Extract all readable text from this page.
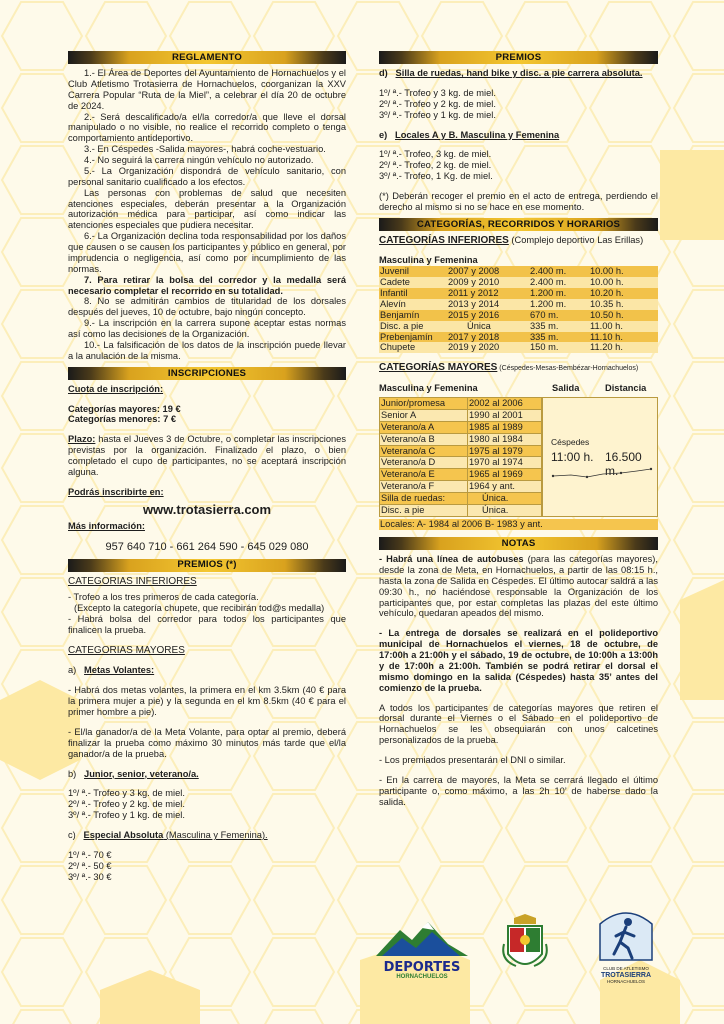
REGLAMENTO

1.- El Área de Deportes del Ayuntamiento de Hornachuelos y el Club Atletismo Trotasierra de Hornachuelos, coorganizan la XXV Carrera Popular “Ruta de la Miel”, a celebrar el día 20 de octubre de 2024.

2.- Será descalificado/a el/la corredor/a que lleve el dorsal manipulado o no visible, no realice el recorrido completo o tenga comportamiento antideportivo.

3.- En Céspedes -Salida mayores-, habrá coche-vestuario.

4.- No seguirá la carrera ningún vehículo no autorizado.

5.- La Organización dispondrá de vehículo sanitario, con personal sanitario cualificado a los efectos.

Las personas con problemas de salud que necesiten atenciones especiales, deberán presentar a la Organización autorización médica para participar, así como indicar las atenciones especiales que pudiera necesitar.

6.- La Organización declina toda responsabilidad por los daños que causen o se causen los participantes y público en general, por imprudencia o negligencia, así como por incumplimiento de las normas.

7. Para retirar la bolsa del corredor y la medalla será necesario completar el recorrido en su totalidad.

8. No se admitirán cambios de titularidad de los dorsales después del jueves, 10 de octubre, bajo ningún concepto.

9.- La inscripción en la carrera supone aceptar estas normas así como las decisiones de la Organización.

10.- La falsificación de los datos de la inscripción puede llevar a la anulación de la misma.

INSCRIPCIONES

Cuota de inscripción:

Categorías mayores: 19 €

Categorías menores: 7 €

Plazo: hasta el Jueves 3 de Octubre, o completar las inscripciones previstas por la organización. Finalizado el plazo, o bien completado el cupo de participantes, no se aceptará inscripción alguna.

Podrás inscribirte en:

www.trotasierra.com

Más información:

957 640 710 - 661 264 590 - 645 029 080

PREMIOS (*)

CATEGORIAS INFERIORES

- Trofeo a los tres primeros de cada categoría.

(Excepto la categoría chupete, que recibirán tod@s medalla)

- Habrá bolsa del corredor para todos los participantes que finalicen la prueba.

CATEGORIAS MAYORES

a) Metas Volantes:

- Habrá dos metas volantes, la primera en el km 3.5km (40 € para la primera mujer a pie) y la segunda en el km 8.5km (40 € para el primer hombre a pie).

- El/la ganador/a de la Meta Volante, para optar al premio, deberá finalizar la prueba como máximo 30 minutos más tarde que el/la ganador/a de la prueba.

b) Junior, senior, veterano/a.

1º/ ª.- Trofeo y 3 kg. de miel.

2º/ ª.- Trofeo y 2 kg. de miel.

3º/ ª.- Trofeo y 1 kg. de miel.

c) Especial Absoluta (Masculina y Femenina).

1º/ ª.- 70 €

2º/ ª.- 50 €

3º/ ª.- 30 €

PREMIOS

d) Silla de ruedas, hand bike y disc. a pie carrera absoluta.

1º/ ª.- Trofeo y 3 kg. de miel.

2º/ ª.- Trofeo y 2 kg. de miel.

3º/ ª.- Trofeo y 1 kg. de miel.

e) Locales A y B. Masculina y Femenina

1º/ ª.- Trofeo, 3 kg. de miel.

2º/ ª.- Trofeo, 2 kg. de miel.

3º/ ª.- Trofeo, 1 Kg. de miel.

(*) Deberán recoger el premio en el acto de entrega, perdiendo el derecho al mismo si no se hace en ese momento.

CATEGORÍAS, RECORRIDOS Y HORARIOS

CATEGORÍAS INFERIORES (Complejo deportivo Las Erillas)

Masculina y Femenina

Juvenil	2007 y 2008	2.400 m.	10.00 h.
Cadete	2009 y 2010	2.400 m.	10.00 h.
Infantil	2011 y 2012	1.200 m.	10.20 h.
Alevín	2013 y 2014	1.200 m.	10.35 h.
Benjamín	2015 y 2016	670 m.	10.50 h.
Disc. a pie	Única	335 m.	11.00 h.
Prebenjamín	2017 y 2018	335 m.	11.10 h.
Chupete	2019 y 2020	150 m.	11.20 h.

CATEGORÍAS MAYORES (Céspedes-Mesas-Bembézar-Hornachuelos)

Masculina y Femenina	Salida	Distancia
Junior/promesa	2002 al 2006
Senior A	1990 al 2001
Veterano/a A	1985 al 1989
Veterano/a B	1980 al 1984
Veterano/a C	1975 al 1979
Veterano/a D	1970 al 1974
Veterano/a E	1965 al 1969
Veterano/a F	1964 y ant.
Silla de ruedas:	Única.
Disc. a pie	Única.
Céspedes
11:00 h. 16.500 m.
Locales: A- 1984 al 2006 B- 1983 y ant.
NOTAS

- Habrá una línea de autobuses (para las categorías mayores), desde la zona de Meta, en Hornachuelos, a partir de las 08:15 h., hasta la zona de Salida en Céspedes. El último autocar saldrá a las 09:30 h., no haciéndose responsable la Organización de los participantes que, por estar completas las plazas del este último vehículo, quedaran apeados del mismo.

- La entrega de dorsales se realizará en el polideportivo municipal de Hornachuelos el viernes, 18 de octubre, de 17:00h a 21:00h y el sábado, 19 de octubre, de 10:00h a 13:00h y de 17:00h a 21:00h. También se podrá retirar el dorsal el mismo domingo en la salida (Céspedes) hasta 35’ antes del comienzo de la prueba.

A todos los participantes de categorías mayores que retiren el dorsal durante el Viernes o el Sábado en el polideportivo de Hornachuelos se les obsequiarán con unos calcetines personalizados de la prueba.

- Los premiados presentarán el DNI o similar.

- En la carrera de mayores, la Meta se cerrará llegado el último participante o, como máximo, a las 2h 10’ de haberse dado la salida.

DEPORTES
HORNACHUELOS
CLUB DE ATLETISMO
TROTASIERRA
HORNACHUELOS
